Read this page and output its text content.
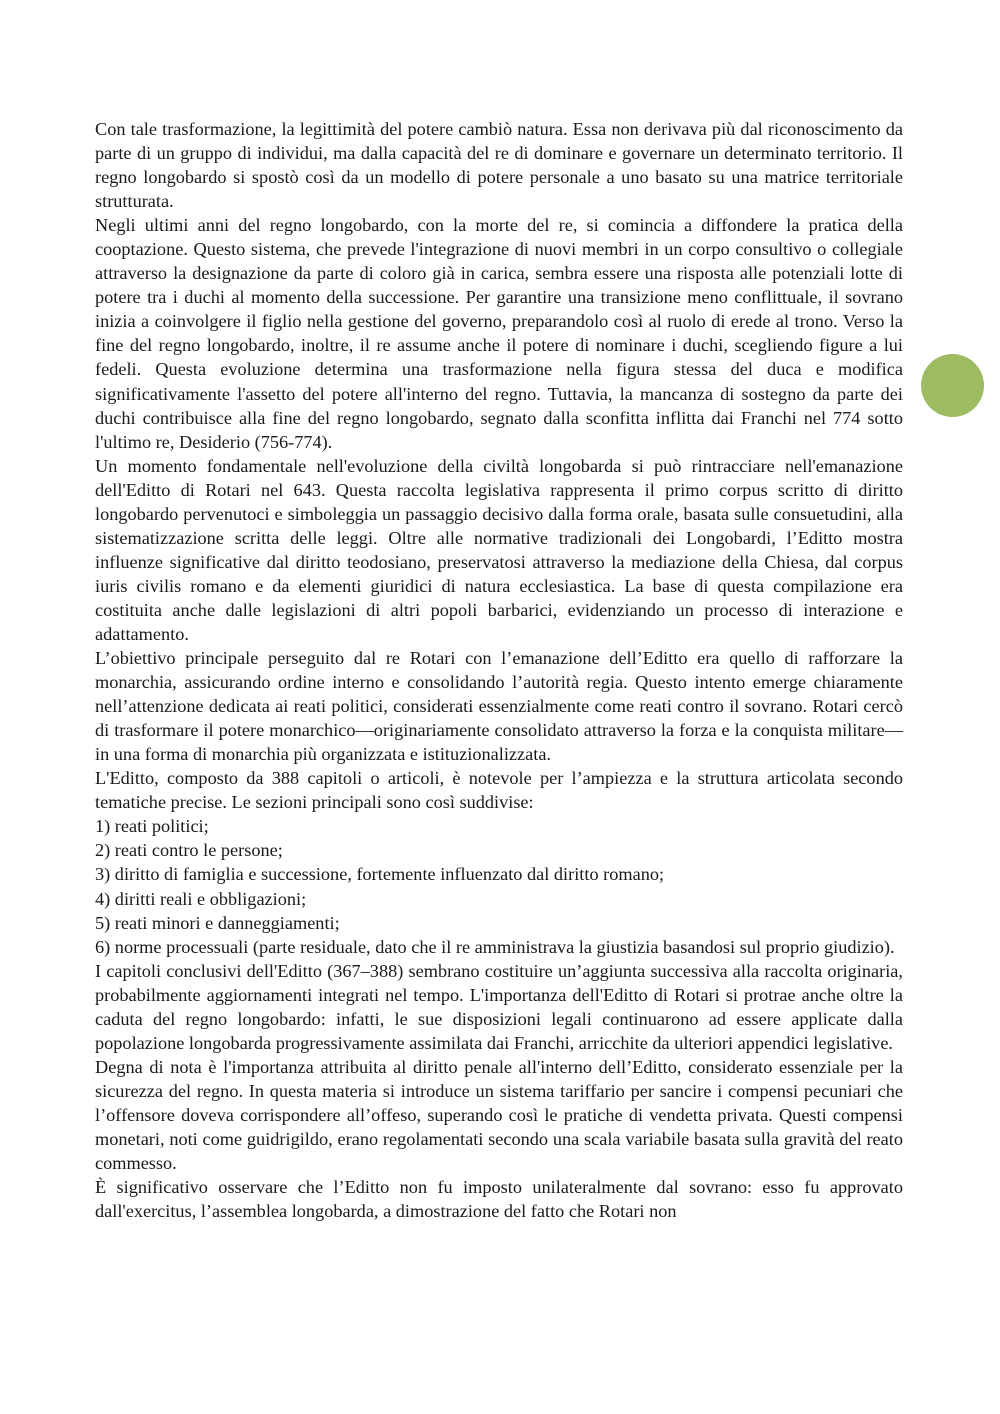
Con tale trasformazione, la legittimità del potere cambiò natura. Essa non derivava più dal riconoscimento da parte di un gruppo di individui, ma dalla capacità del re di dominare e governare un determinato territorio. Il regno longobardo si spostò così da un modello di potere personale a uno basato su una matrice territoriale strutturata.

Negli ultimi anni del regno longobardo, con la morte del re, si comincia a diffondere la pratica della cooptazione. Questo sistema, che prevede l'integrazione di nuovi membri in un corpo consultivo o collegiale attraverso la designazione da parte di coloro già in carica, sembra essere una risposta alle potenziali lotte di potere tra i duchi al momento della successione. Per garantire una transizione meno conflittuale, il sovrano inizia a coinvolgere il figlio nella gestione del governo, preparandolo così al ruolo di erede al trono. Verso la fine del regno longobardo, inoltre, il re assume anche il potere di nominare i duchi, scegliendo figure a lui fedeli. Questa evoluzione determina una trasformazione nella figura stessa del duca e modifica significativamente l'assetto del potere all'interno del regno. Tuttavia, la mancanza di sostegno da parte dei duchi contribuisce alla fine del regno longobardo, segnato dalla sconfitta inflitta dai Franchi nel 774 sotto l'ultimo re, Desiderio (756-774).

Un momento fondamentale nell'evoluzione della civiltà longobarda si può rintracciare nell'emanazione dell'Editto di Rotari nel 643. Questa raccolta legislativa rappresenta il primo corpus scritto di diritto longobardo pervenutoci e simboleggia un passaggio decisivo dalla forma orale, basata sulle consuetudini, alla sistematizzazione scritta delle leggi. Oltre alle normative tradizionali dei Longobardi, l’Editto mostra influenze significative dal diritto teodosiano, preservatosi attraverso la mediazione della Chiesa, dal corpus iuris civilis romano e da elementi giuridici di natura ecclesiastica. La base di questa compilazione era costituita anche dalle legislazioni di altri popoli barbarici, evidenziando un processo di interazione e adattamento.

L’obiettivo principale perseguito dal re Rotari con l’emanazione dell’Editto era quello di rafforzare la monarchia, assicurando ordine interno e consolidando l’autorità regia. Questo intento emerge chiaramente nell’attenzione dedicata ai reati politici, considerati essenzialmente come reati contro il sovrano. Rotari cercò di trasformare il potere monarchico—originariamente consolidato attraverso la forza e la conquista militare—in una forma di monarchia più organizzata e istituzionalizzata.

L'Editto, composto da 388 capitoli o articoli, è notevole per l’ampiezza e la struttura articolata secondo tematiche precise. Le sezioni principali sono così suddivise:

1) reati politici;
2) reati contro le persone;
3) diritto di famiglia e successione, fortemente influenzato dal diritto romano;
4) diritti reali e obbligazioni;
5) reati minori e danneggiamenti;
6) norme processuali (parte residuale, dato che il re amministrava la giustizia basandosi sul proprio giudizio).

I capitoli conclusivi dell'Editto (367–388) sembrano costituire un’aggiunta successiva alla raccolta originaria, probabilmente aggiornamenti integrati nel tempo. L'importanza dell'Editto di Rotari si protrae anche oltre la caduta del regno longobardo: infatti, le sue disposizioni legali continuarono ad essere applicate dalla popolazione longobarda progressivamente assimilata dai Franchi, arricchite da ulteriori appendici legislative.

Degna di nota è l'importanza attribuita al diritto penale all'interno dell’Editto, considerato essenziale per la sicurezza del regno. In questa materia si introduce un sistema tariffario per sancire i compensi pecuniari che l’offensore doveva corrispondere all’offeso, superando così le pratiche di vendetta privata. Questi compensi monetari, noti come guidrigildo, erano regolamentati secondo una scala variabile basata sulla gravità del reato commesso.

È significativo osservare che l’Editto non fu imposto unilateralmente dal sovrano: esso fu approvato dall'exercitus, l’assemblea longobarda, a dimostrazione del fatto che Rotari non
